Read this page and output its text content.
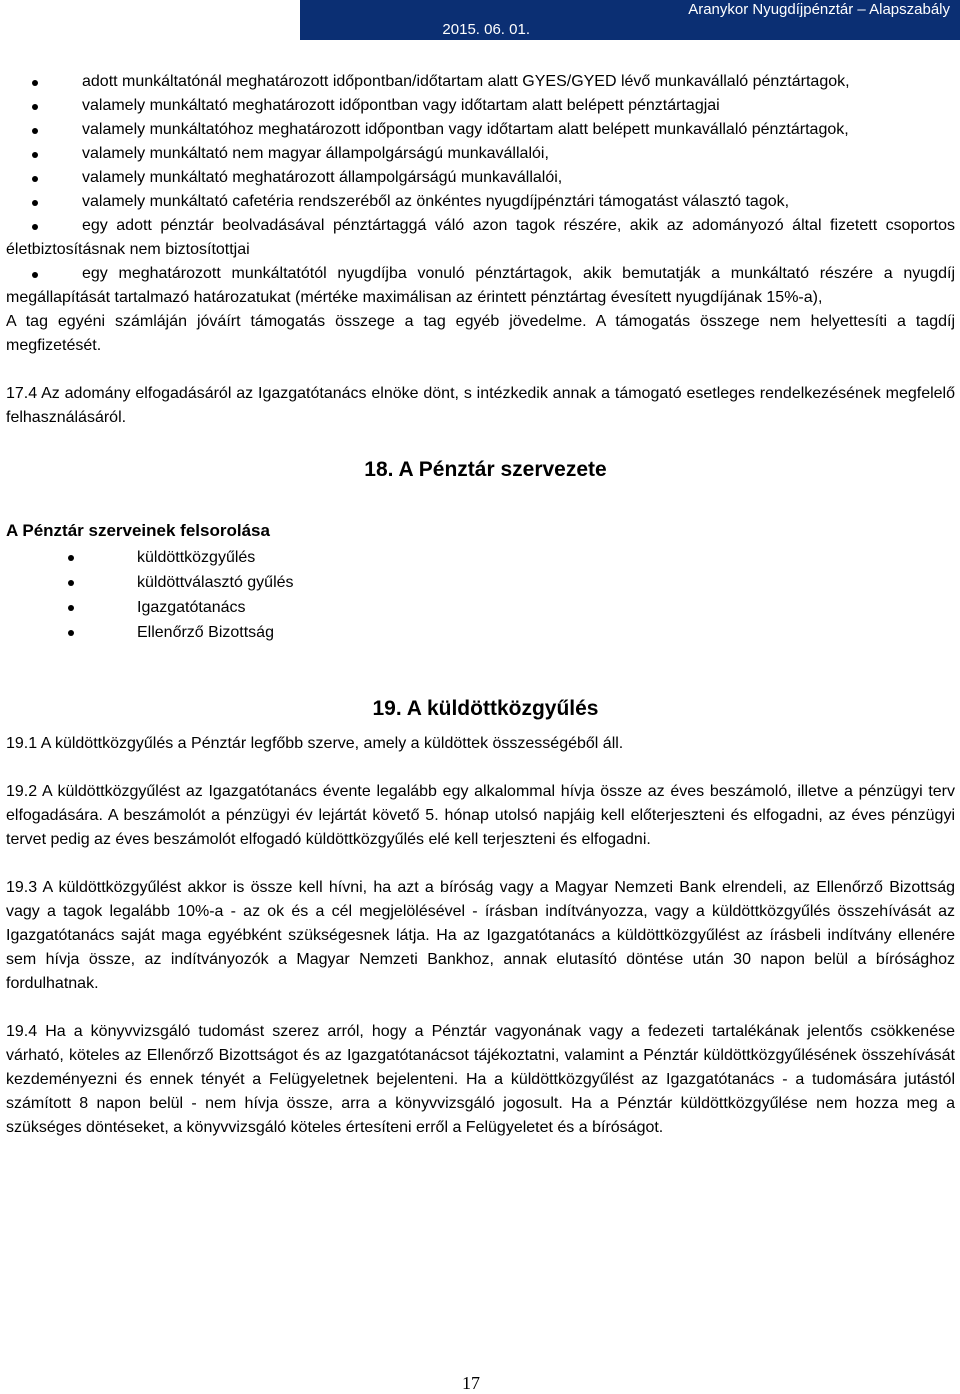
Aranykor Nyugdíjpénztár – Alapszabály
2015. 06. 01.
adott munkáltatónál meghatározott időpontban/időtartam alatt GYES/GYED lévő munkavállaló pénztártagok,
valamely munkáltató meghatározott időpontban vagy időtartam alatt belépett pénztártagjai
valamely munkáltatóhoz meghatározott időpontban vagy időtartam alatt belépett munkavállaló pénztártagok,
valamely munkáltató nem magyar állampolgárságú munkavállalói,
valamely munkáltató meghatározott állampolgárságú munkavállalói,
valamely munkáltató cafetéria rendszeréből az önkéntes nyugdíjpénztári támogatást választó tagok,
egy adott pénztár beolvadásával pénztártaggá váló azon tagok részére, akik az adományozó által fizetett csoportos életbiztosításnak nem biztosítottjai
egy meghatározott munkáltatótól nyugdíjba vonuló pénztártagok, akik bemutatják a munkáltató részére a nyugdíj megállapítását tartalmazó határozatukat (mértéke maximálisan az érintett pénztártag évesített nyugdíjának 15%-a),

A tag egyéni számláján jóváírt támogatás összege a tag egyéb jövedelme. A támogatás összege nem helyettesíti a tagdíj megfizetését.

17.4 Az adomány elfogadásáról az Igazgatótanács elnöke dönt, s intézkedik annak a támogató esetleges rendelkezésének megfelelő felhasználásáról.

18. A Pénztár szervezete
A Pénztár szerveinek felsorolása
küldöttközgyűlés
küldöttválasztó gyűlés
Igazgatótanács
Ellenőrző Bizottság
19. A küldöttközgyűlés

19.1 A küldöttközgyűlés a Pénztár legfőbb szerve, amely a küldöttek összességéből áll.

19.2 A küldöttközgyűlést az Igazgatótanács évente legalább egy alkalommal hívja össze az éves beszámoló, illetve a pénzügyi terv elfogadására. A beszámolót a pénzügyi év lejártát követő 5. hónap utolsó napjáig kell előterjeszteni és elfogadni, az éves pénzügyi tervet pedig az éves beszámolót elfogadó küldöttközgyűlés elé kell terjeszteni és elfogadni.

19.3 A küldöttközgyűlést akkor is össze kell hívni, ha azt a bíróság vagy a Magyar Nemzeti Bank elrendeli, az Ellenőrző Bizottság vagy a tagok legalább 10%-a - az ok és a cél megjelölésével - írásban indítványozza, vagy a küldöttközgyűlés összehívását az Igazgatótanács saját maga egyébként szükségesnek látja. Ha az Igazgatótanács a küldöttközgyűlést az írásbeli indítvány ellenére sem hívja össze, az indítványozók a Magyar Nemzeti Bankhoz, annak elutasító döntése után 30 napon belül a bírósághoz fordulhatnak.

19.4 Ha a könyvvizsgáló tudomást szerez arról, hogy a Pénztár vagyonának vagy a fedezeti tartalékának jelentős csökkenése várható, köteles az Ellenőrző Bizottságot és az Igazgatótanácsot tájékoztatni, valamint a Pénztár küldöttközgyűlésének összehívását kezdeményezni és ennek tényét a Felügyeletnek bejelenteni. Ha a küldöttközgyűlést az Igazgatótanács - a tudomására jutástól számított 8 napon belül - nem hívja össze, arra a könyvvizsgáló jogosult. Ha a Pénztár küldöttközgyűlése nem hozza meg a szükséges döntéseket, a könyvvizsgáló köteles értesíteni erről a Felügyeletet és a bíróságot.

17
